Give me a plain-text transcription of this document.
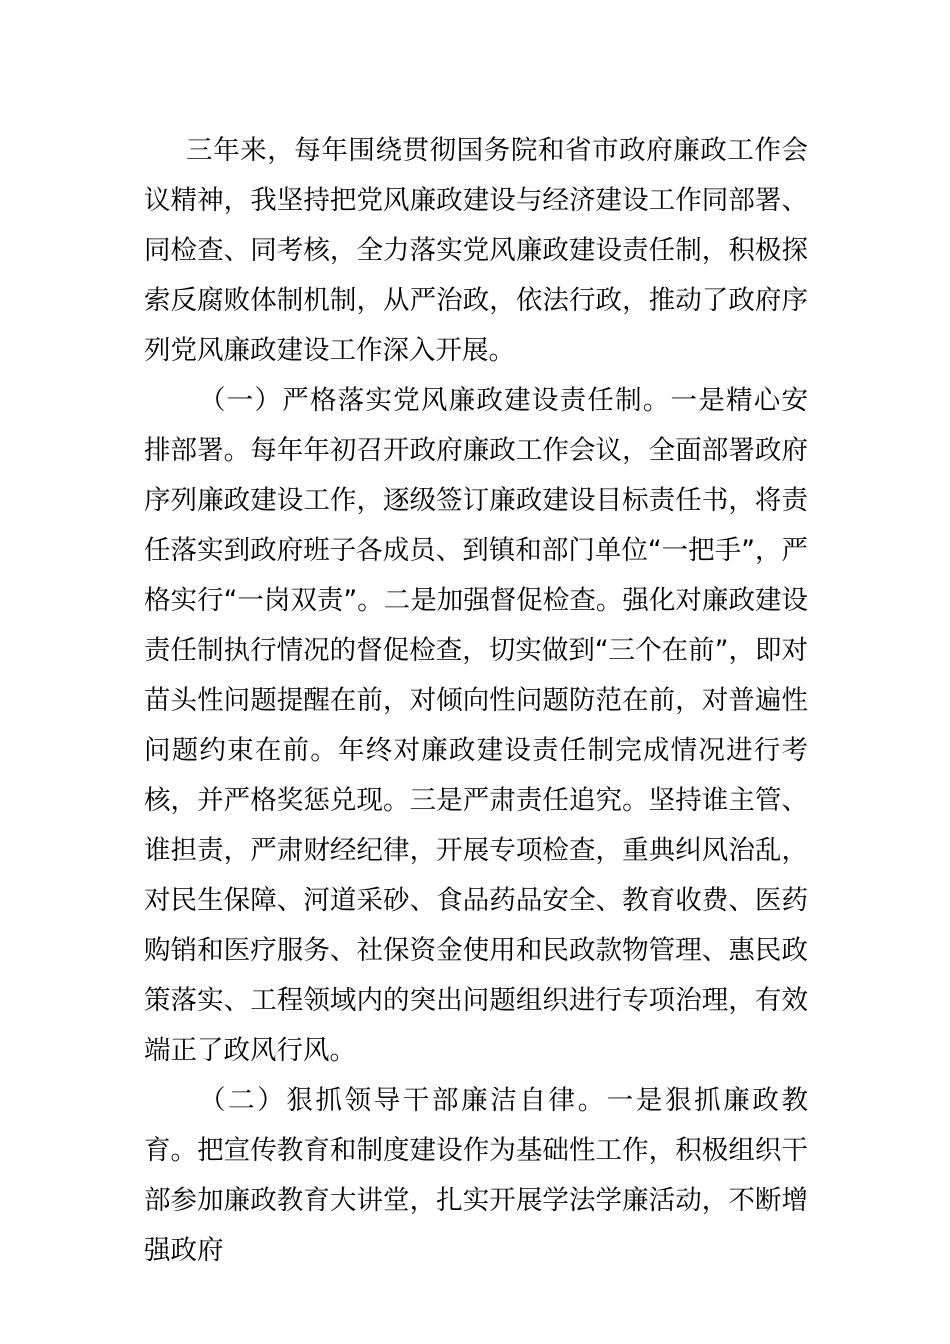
三年来，每年围绕贯彻国务院和省市政府廉政工作会议精神，我坚持把党风廉政建设与经济建设工作同部署、同检查、同考核，全力落实党风廉政建设责任制，积极探索反腐败体制机制，从严治政，依法行政，推动了政府序列党风廉政建设工作深入开展。

（一）严格落实党风廉政建设责任制。一是精心安排部署。每年年初召开政府廉政工作会议，全面部署政府序列廉政建设工作，逐级签订廉政建设目标责任书，将责任落实到政府班子各成员、到镇和部门单位“一把手”，严格实行“一岗双责”。二是加强督促检查。强化对廉政建设责任制执行情况的督促检查，切实做到“三个在前”，即对苗头性问题提醒在前，对倾向性问题防范在前，对普遍性问题约束在前。年终对廉政建设责任制完成情况进行考核，并严格奖惩兑现。三是严肃责任追究。坚持谁主管、谁担责，严肃财经纪律，开展专项检查，重典纠风治乱，对民生保障、河道采砂、食品药品安全、教育收费、医药购销和医疗服务、社保资金使用和民政款物管理、惠民政策落实、工程领域内的突出问题组织进行专项治理，有效端正了政风行风。

（二）狠抓领导干部廉洁自律。一是狠抓廉政教育。把宣传教育和制度建设作为基础性工作，积极组织干部参加廉政教育大讲堂，扎实开展学法学廉活动，不断增强政府
